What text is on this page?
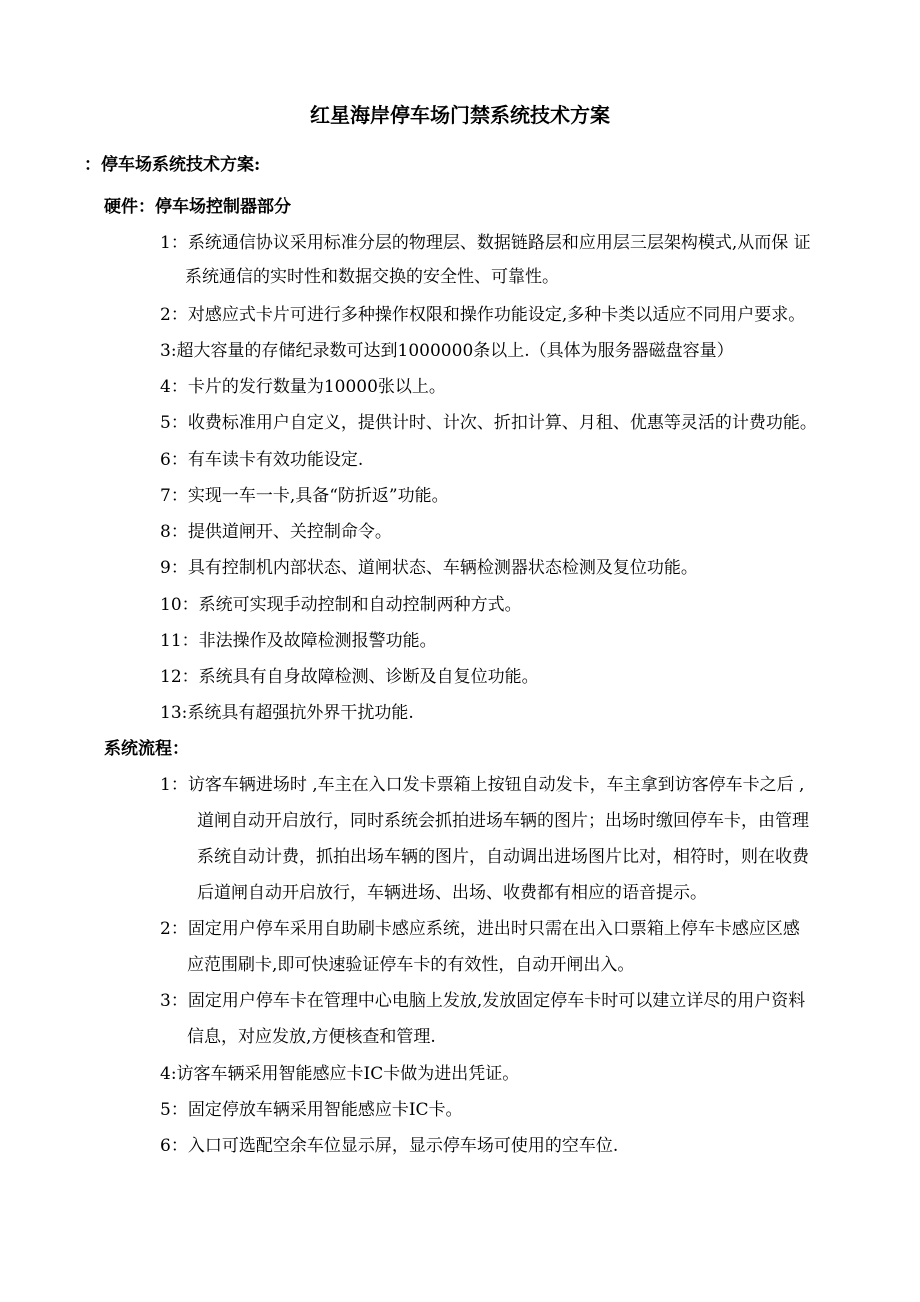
红星海岸停车场门禁系统技术方案
：停车场系统技术方案:
硬件：停车场控制器部分
1：系统通信协议采用标准分层的物理层、数据链路层和应用层三层架构模式,从而保 证
系统通信的实时性和数据交换的安全性、可靠性。
2：对感应式卡片可进行多种操作权限和操作功能设定,多种卡类以适应不同用户要求。
3:超大容量的存储纪录数可达到1000000条以上.（具体为服务器磁盘容量）
4：卡片的发行数量为10000张以上。
5：收费标准用户自定义，提供计时、计次、折扣计算、月租、优惠等灵活的计费功能。
6：有车读卡有效功能设定.
7：实现一车一卡,具备“防折返”功能。
8：提供道闸开、关控制命令。
9：具有控制机内部状态、道闸状态、车辆检测器状态检测及复位功能。
10：系统可实现手动控制和自动控制两种方式。
11：非法操作及故障检测报警功能。
12：系统具有自身故障检测、诊断及自复位功能。
13:系统具有超强抗外界干扰功能.
系统流程：
1：访客车辆进场时 ,车主在入口发卡票箱上按钮自动发卡，车主拿到访客停车卡之后 ,
道闸自动开启放行，同时系统会抓拍进场车辆的图片；出场时缴回停车卡，由管理
系统自动计费，抓拍出场车辆的图片，自动调出进场图片比对，相符时，则在收费
后道闸自动开启放行，车辆进场、出场、收费都有相应的语音提示。
2：固定用户停车采用自助刷卡感应系统，进出时只需在出入口票箱上停车卡感应区感
应范围刷卡,即可快速验证停车卡的有效性，自动开闸出入。
3：固定用户停车卡在管理中心电脑上发放,发放固定停车卡时可以建立详尽的用户资料
信息，对应发放,方便核查和管理.
4:访客车辆采用智能感应卡IC卡做为进出凭证。
5：固定停放车辆采用智能感应卡IC卡。
6：入口可选配空余车位显示屏，显示停车场可使用的空车位.
